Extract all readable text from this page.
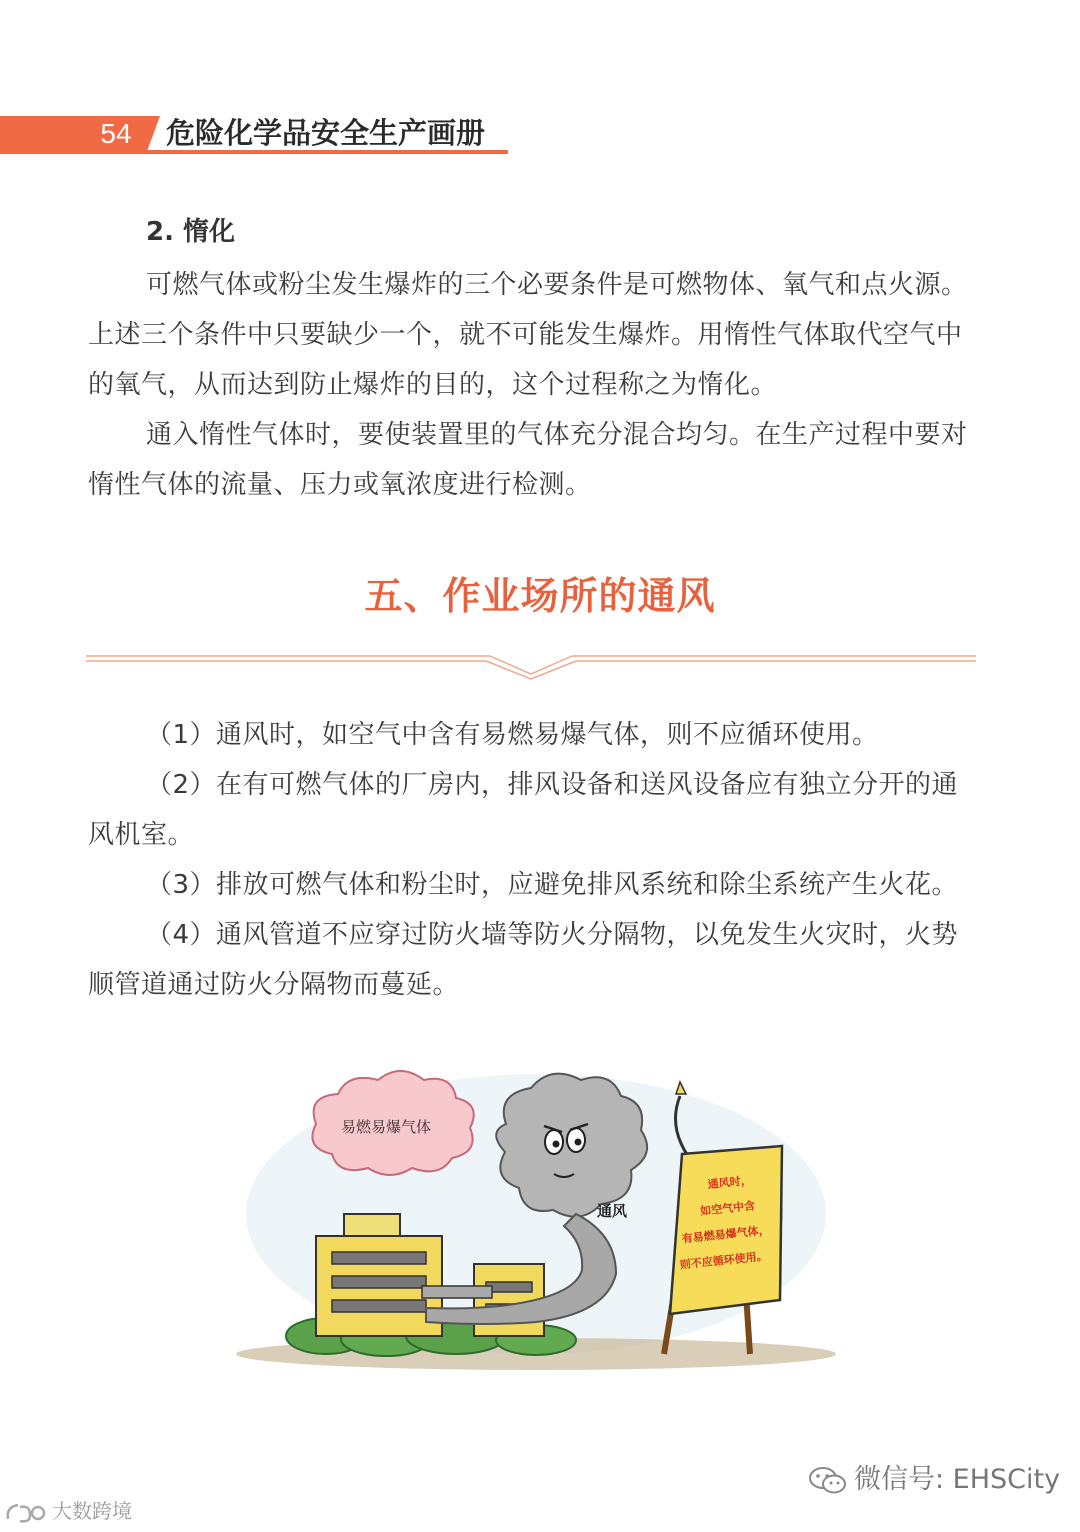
54	危险化学品安全生产画册
2. 惰化

可燃气体或粉尘发生爆炸的三个必要条件是可燃物体、氧气和点火源。上述三个条件中只要缺少一个，就不可能发生爆炸。用惰性气体取代空气中的氧气，从而达到防止爆炸的目的，这个过程称之为惰化。

通入惰性气体时，要使装置里的气体充分混合均匀。在生产过程中要对惰性气体的流量、压力或氧浓度进行检测。

五、作业场所的通风

（1）通风时，如空气中含有易燃易爆气体，则不应循环使用。

（2）在有可燃气体的厂房内，排风设备和送风设备应有独立分开的通风机室。

（3）排放可燃气体和粉尘时，应避免排风系统和除尘系统产生火花。

（4）通风管道不应穿过防火墙等防火分隔物，以免发生火灾时，火势顺管道通过防火分隔物而蔓延。

易燃易爆气体
通风
通风时，
如空气中含
有易燃易爆气体，
则不应循环使用。
微信号: EHSCity
大数跨境
